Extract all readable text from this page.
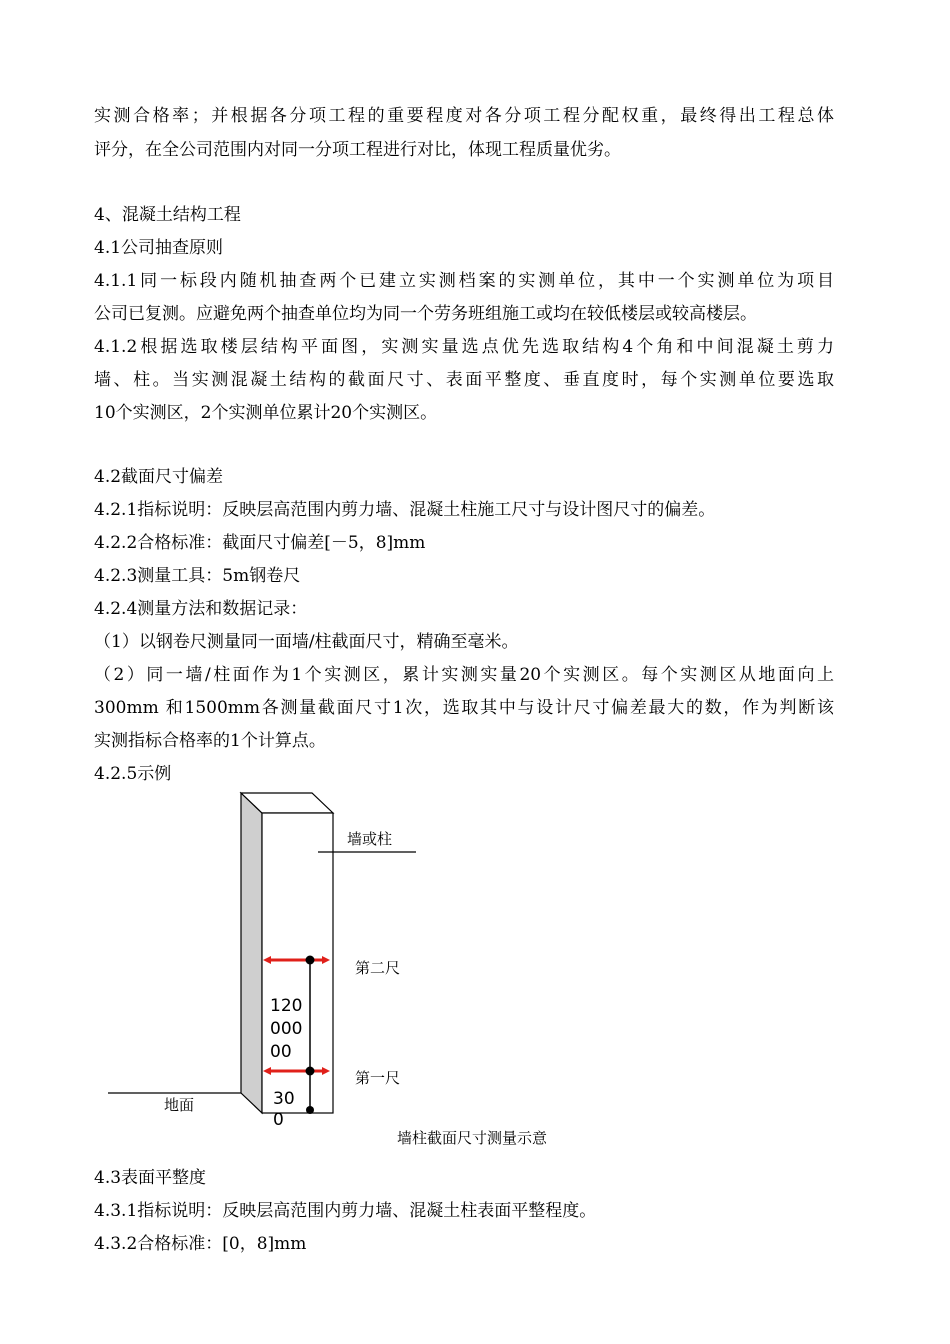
实测合格率；并根据各分项工程的重要程度对各分项工程分配权重，最终得出工程总体
评分，在全公司范围内对同一分项工程进行对比，体现工程质量优劣。
4、混凝土结构工程
4.1公司抽查原则
4.1.1同一标段内随机抽查两个已建立实测档案的实测单位，其中一个实测单位为项目
公司已复测。应避免两个抽查单位均为同一个劳务班组施工或均在较低楼层或较高楼层。
4.1.2根据选取楼层结构平面图，实测实量选点优先选取结构4个角和中间混凝土剪力
墙、柱。当实测混凝土结构的截面尺寸、表面平整度、垂直度时，每个实测单位要选取
10个实测区，2个实测单位累计20个实测区。
4.2截面尺寸偏差
4.2.1指标说明：反映层高范围内剪力墙、混凝土柱施工尺寸与设计图尺寸的偏差。
4.2.2合格标准：截面尺寸偏差[－5，8]mm
4.2.3测量工具：5m钢卷尺
4.2.4测量方法和数据记录：
（1）以钢卷尺测量同一面墙/柱截面尺寸，精确至毫米。
（2）同一墙/柱面作为1个实测区，累计实测实量20个实测区。每个实测区从地面向上
300mm 和1500mm各测量截面尺寸1次，选取其中与设计尺寸偏差最大的数，作为判断该
实测指标合格率的1个计算点。
4.2.5示例
墙或柱
第二尺
第一尺
地面
120
000
00
30
0
墙柱截面尺寸测量示意
4.3表面平整度
4.3.1指标说明：反映层高范围内剪力墙、混凝土柱表面平整程度。
4.3.2合格标准：[0，8]mm
